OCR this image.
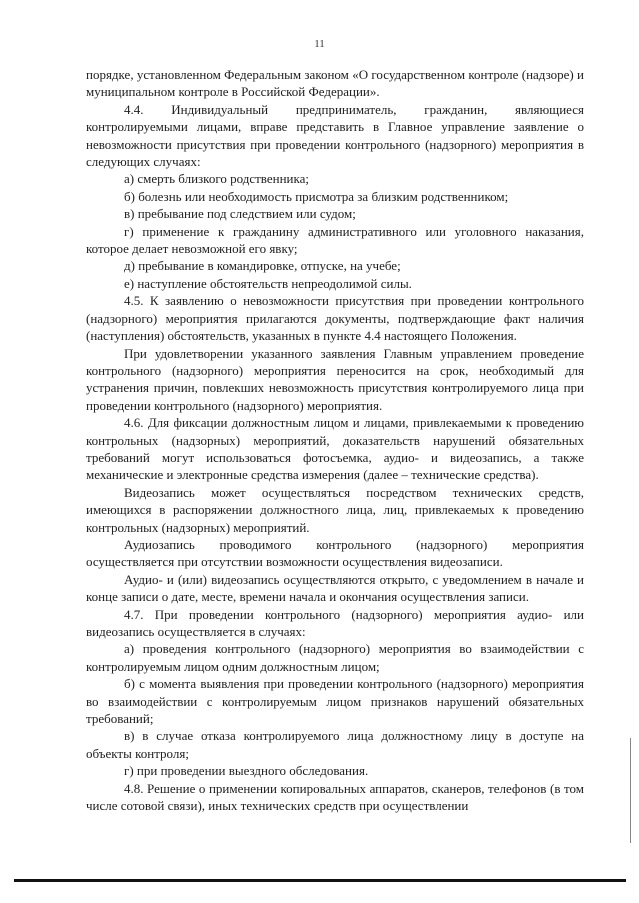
11

порядке, установленном Федеральным законом «О государственном контроле (надзоре) и муниципальном контроле в Российской Федерации».

4.4. Индивидуальный предприниматель, гражданин, являющиеся контролируемыми лицами, вправе представить в Главное управление заявление о невозможности присутствия при проведении контрольного (надзорного) мероприятия в следующих случаях:

а) смерть близкого родственника;

б) болезнь или необходимость присмотра за близким родственником;

в) пребывание под следствием или судом;

г) применение к гражданину административного или уголовного наказания, которое делает невозможной его явку;

д) пребывание в командировке, отпуске, на учебе;

е) наступление обстоятельств непреодолимой силы.

4.5. К заявлению о невозможности присутствия при проведении контрольного (надзорного) мероприятия прилагаются документы, подтверждающие факт наличия (наступления) обстоятельств, указанных в пункте 4.4 настоящего Положения.

При удовлетворении указанного заявления Главным управлением проведение контрольного (надзорного) мероприятия переносится на срок, необходимый для устранения причин, повлекших невозможность присутствия контролируемого лица при проведении контрольного (надзорного) мероприятия.

4.6. Для фиксации должностным лицом и лицами, привлекаемыми к проведению контрольных (надзорных) мероприятий, доказательств нарушений обязательных требований могут использоваться фотосъемка, аудио- и видеозапись, а также механические и электронные средства измерения (далее – технические средства).

Видеозапись может осуществляться посредством технических средств, имеющихся в распоряжении должностного лица, лиц, привлекаемых к проведению контрольных (надзорных) мероприятий.

Аудиозапись проводимого контрольного (надзорного) мероприятия осуществляется при отсутствии возможности осуществления видеозаписи.

Аудио- и (или) видеозапись осуществляются открыто, с уведомлением в начале и конце записи о дате, месте, времени начала и окончания осуществления записи.

4.7. При проведении контрольного (надзорного) мероприятия аудио- или видеозапись осуществляется в случаях:

а) проведения контрольного (надзорного) мероприятия во взаимодействии с контролируемым лицом одним должностным лицом;

б) с момента выявления при проведении контрольного (надзорного) мероприятия во взаимодействии с контролируемым лицом признаков нарушений обязательных требований;

в) в случае отказа контролируемого лица должностному лицу в доступе на объекты контроля;

г) при проведении выездного обследования.

4.8. Решение о применении копировальных аппаратов, сканеров, телефонов (в том числе сотовой связи), иных технических средств при осуществлении
